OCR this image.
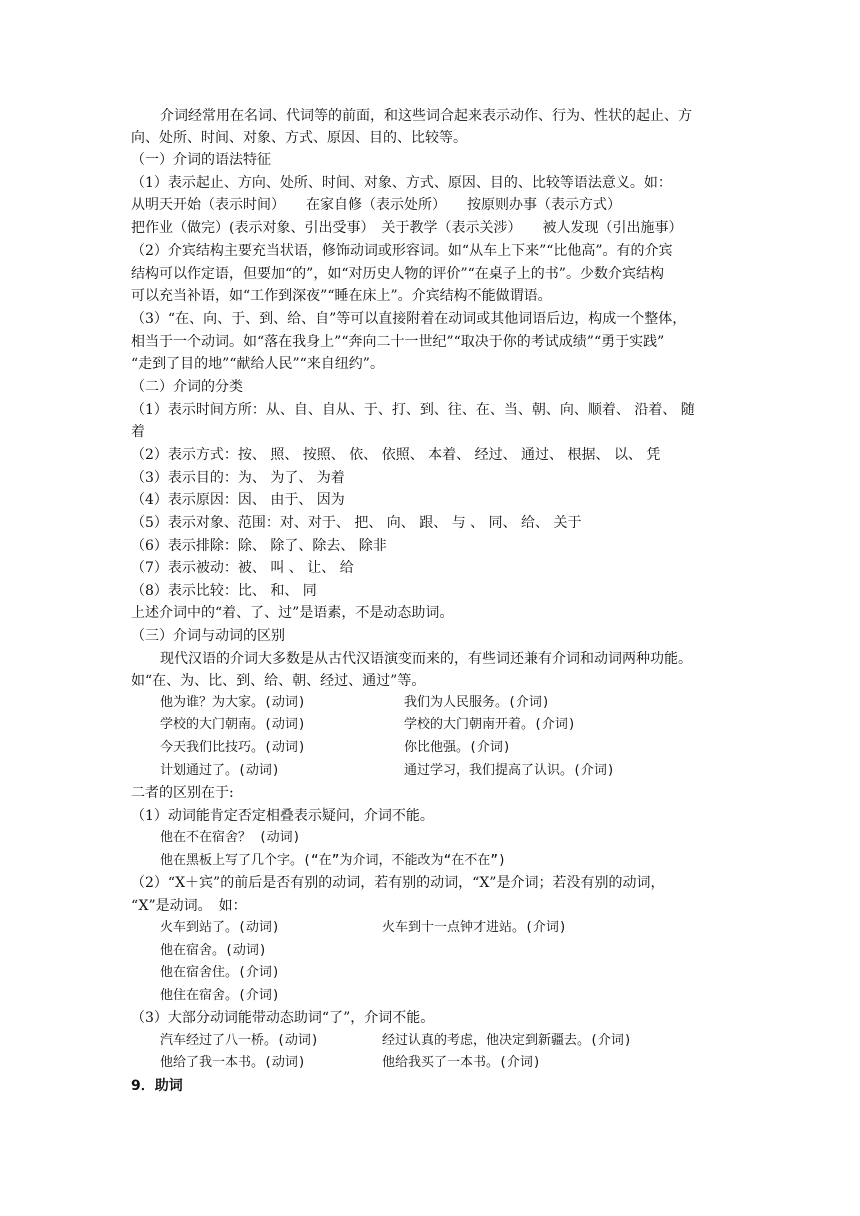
介词经常用在名词、代词等的前面，和这些词合起来表示动作、行为、性状的起止、方
向、处所、时间、对象、方式、原因、目的、比较等。
（一）介词的语法特征
（1）表示起止、方向、处所、时间、对象、方式、原因、目的、比较等语法意义。如：
从明天开始（表示时间）　　在家自修（表示处所）　　按原则办事（表示方式）
把作业（做完）(表示对象、引出受事）　关于教学（表示关涉）　　被人发现（引出施事）
（2）介宾结构主要充当状语，修饰动词或形容词。如“从车上下来”“比他高”。有的介宾
结构可以作定语，但要加“的”，如“对历史人物的评价”“在桌子上的书”。少数介宾结构
可以充当补语，如“工作到深夜”“睡在床上”。介宾结构不能做谓语。
（3）“在、向、于、到、给、自”等可以直接附着在动词或其他词语后边，构成一个整体，
相当于一个动词。如“落在我身上”“奔向二十一世纪”“取决于你的考试成绩”“勇于实践”
“走到了目的地”“献给人民”“来自纽约”。
（二）介词的分类
（1）表示时间方所：从、自、自从、于、打、到、往、在、当、朝、向、顺着、 沿着、 随
着
（2）表示方式：按、 照、 按照、 依、 依照、 本着、 经过、 通过、 根据、 以、 凭
（3）表示目的：为、 为了、 为着
（4）表示原因：因、 由于、 因为
（5）表示对象、范围：对、对于、 把、 向、 跟、 与 、 同、 给、 关于
（6）表示排除：除、 除了、除去、 除非
（7）表示被动：被、 叫 、 让、 给
（8）表示比较：比、 和、 同
上述介词中的“着、了、过”是语素，不是动态助词。
（三）介词与动词的区别
现代汉语的介词大多数是从古代汉语演变而来的，有些词还兼有介词和动词两种功能。
如“在、为、比、到、给、朝、经过、通过”等。
他为谁？为大家。(动词)	我们为人民服务。(介词)
学校的大门朝南。(动词)	学校的大门朝南开着。(介词)
今天我们比技巧。(动词)	你比他强。(介词)
计划通过了。(动词)	通过学习，我们提高了认识。(介词)
二者的区别在于:
（1）动词能肯定否定相叠表示疑问，介词不能。
他在不在宿舍？ (动词)
他在黑板上写了几个字。(“在”为介词，不能改为“在不在”)
（2）“X＋宾”的前后是否有别的动词，若有别的动词，“X”是介词；若没有别的动词，
“X”是动词。　如：
火车到站了。(动词)	火车到十一点钟才进站。(介词)
他在宿舍。(动词)
他在宿舍住。(介词)
他住在宿舍。(介词)
（3）大部分动词能带动态助词“了”，介词不能。
汽车经过了八一桥。(动词)	经过认真的考虑，他决定到新疆去。(介词)
他给了我一本书。(动词)	他给我买了一本书。(介词)
9．助词
